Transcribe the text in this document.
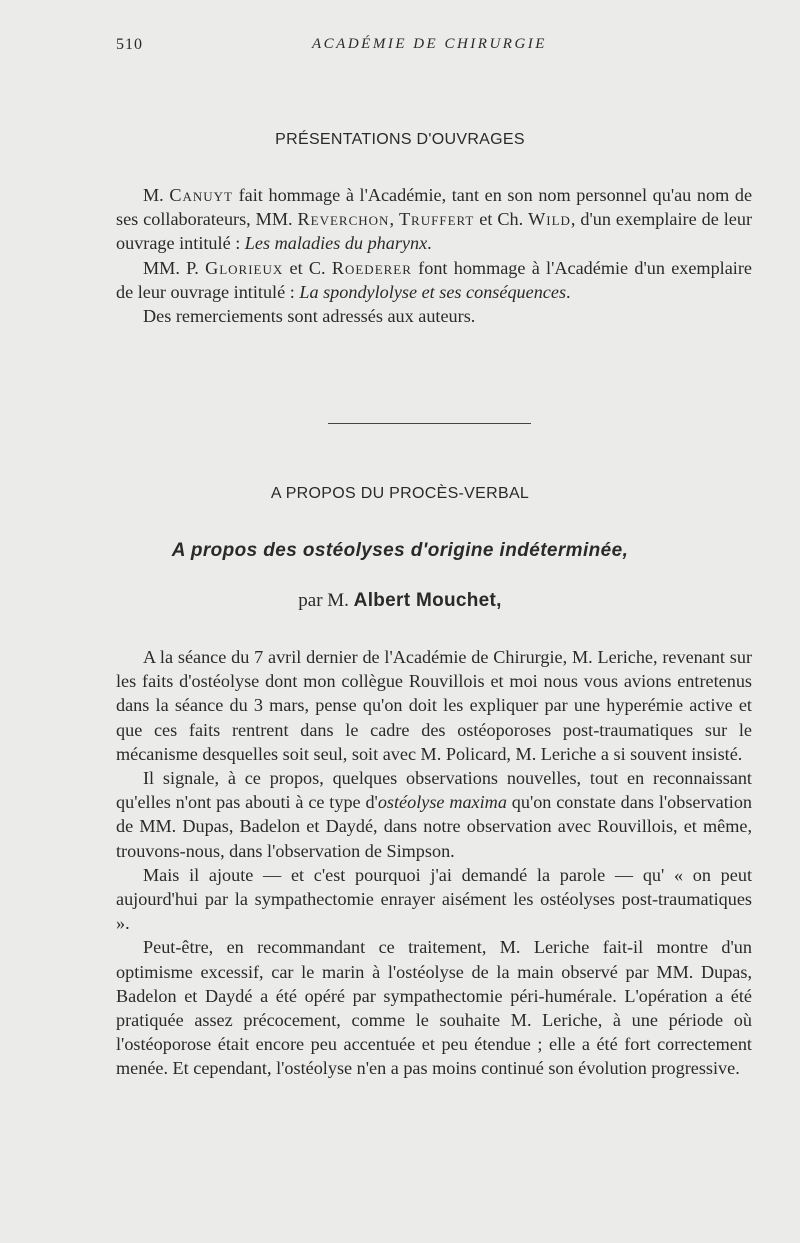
510	ACADÉMIE DE CHIRURGIE
PRÉSENTATIONS D'OUVRAGES

M. Canuyt fait hommage à l'Académie, tant en son nom personnel qu'au nom de ses collaborateurs, MM. Reverchon, Truffert et Ch. Wild, d'un exemplaire de leur ouvrage intitulé : Les maladies du pharynx.

MM. P. Glorieux et C. Roederer font hommage à l'Académie d'un exemplaire de leur ouvrage intitulé : La spondylolyse et ses conséquences.

Des remerciements sont adressés aux auteurs.

A PROPOS DU PROCÈS-VERBAL
A propos des ostéolyses d'origine indéterminée,
par M. Albert Mouchet,

A la séance du 7 avril dernier de l'Académie de Chirurgie, M. Leriche, revenant sur les faits d'ostéolyse dont mon collègue Rouvillois et moi nous vous avions entretenus dans la séance du 3 mars, pense qu'on doit les expliquer par une hyperémie active et que ces faits rentrent dans le cadre des ostéoporoses post-traumatiques sur le mécanisme desquelles soit seul, soit avec M. Policard, M. Leriche a si souvent insisté.

Il signale, à ce propos, quelques observations nouvelles, tout en reconnaissant qu'elles n'ont pas abouti à ce type d'ostéolyse maxima qu'on constate dans l'observation de MM. Dupas, Badelon et Daydé, dans notre observation avec Rouvillois, et même, trouvons-nous, dans l'observation de Simpson.

Mais il ajoute — et c'est pourquoi j'ai demandé la parole — qu' « on peut aujourd'hui par la sympathectomie enrayer aisément les ostéolyses post-traumatiques ».

Peut-être, en recommandant ce traitement, M. Leriche fait-il montre d'un optimisme excessif, car le marin à l'ostéolyse de la main observé par MM. Dupas, Badelon et Daydé a été opéré par sympathectomie péri-humérale. L'opération a été pratiquée assez précocement, comme le souhaite M. Leriche, à une période où l'ostéoporose était encore peu accentuée et peu étendue ; elle a été fort correctement menée. Et cependant, l'ostéolyse n'en a pas moins continué son évolution progressive.
